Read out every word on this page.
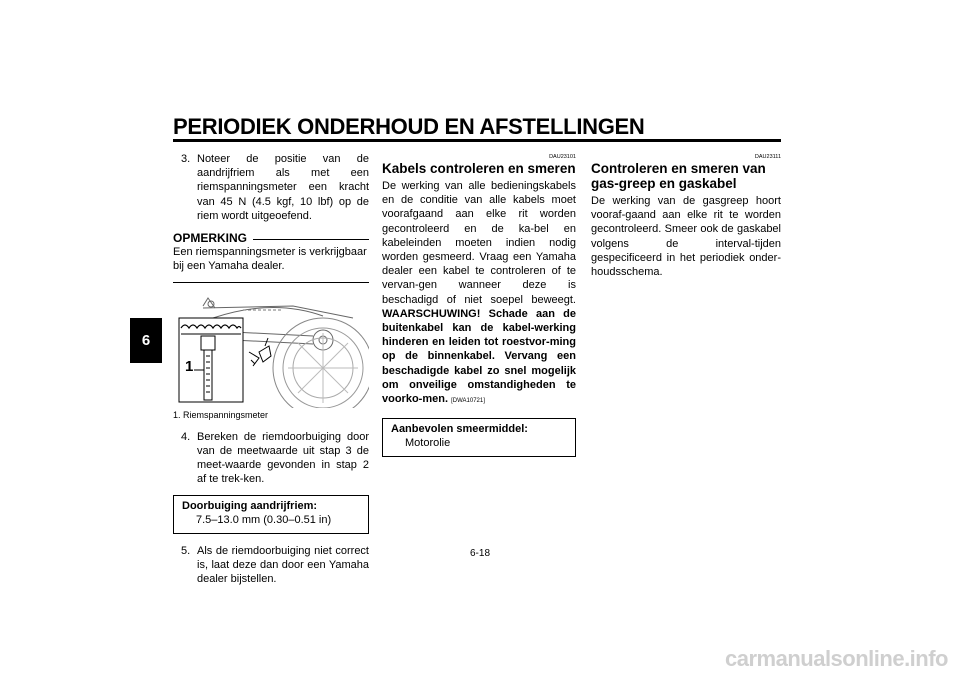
PERIODIEK ONDERHOUD EN AFSTELLINGEN
6
3. Noteer de positie van de aandrijfriem als met een riemspanningsmeter een kracht van 45 N (4.5 kgf, 10 lbf) op de riem wordt uitgeoefend.
OPMERKING

Een riemspanningsmeter is verkrijgbaar bij een Yamaha dealer.

1
1. Riemspanningsmeter
4. Bereken de riemdoorbuiging door van de meetwaarde uit stap 3 de meet-waarde gevonden in stap 2 af te trek-ken.
Doorbuiging aandrijfriem:
7.5–13.0 mm (0.30–0.51 in)
5. Als de riemdoorbuiging niet correct is, laat deze dan door een Yamaha dealer bijstellen.
DAU23101
Kabels controleren en smeren

De werking van alle bedieningskabels en de conditie van alle kabels moet voorafgaand aan elke rit worden gecontroleerd en de ka-bel en kabeleinden moeten indien nodig worden gesmeerd. Vraag een Yamaha dealer een kabel te controleren of te vervan-gen wanneer deze is beschadigd of niet soepel beweegt. WAARSCHUWING! Schade aan de buitenkabel kan de kabel-werking hinderen en leiden tot roestvor-ming op de binnenkabel. Vervang een beschadigde kabel zo snel mogelijk om onveilige omstandigheden te voorko-men. [DWA10721]

Aanbevolen smeermiddel:
Motorolie
DAU23111
Controleren en smeren van gas-greep en gaskabel

De werking van de gasgreep hoort vooraf-gaand aan elke rit te worden gecontroleerd. Smeer ook de gaskabel volgens de interval-tijden gespecificeerd in het periodiek onder-houdsschema.

6-18
carmanualsonline.info
